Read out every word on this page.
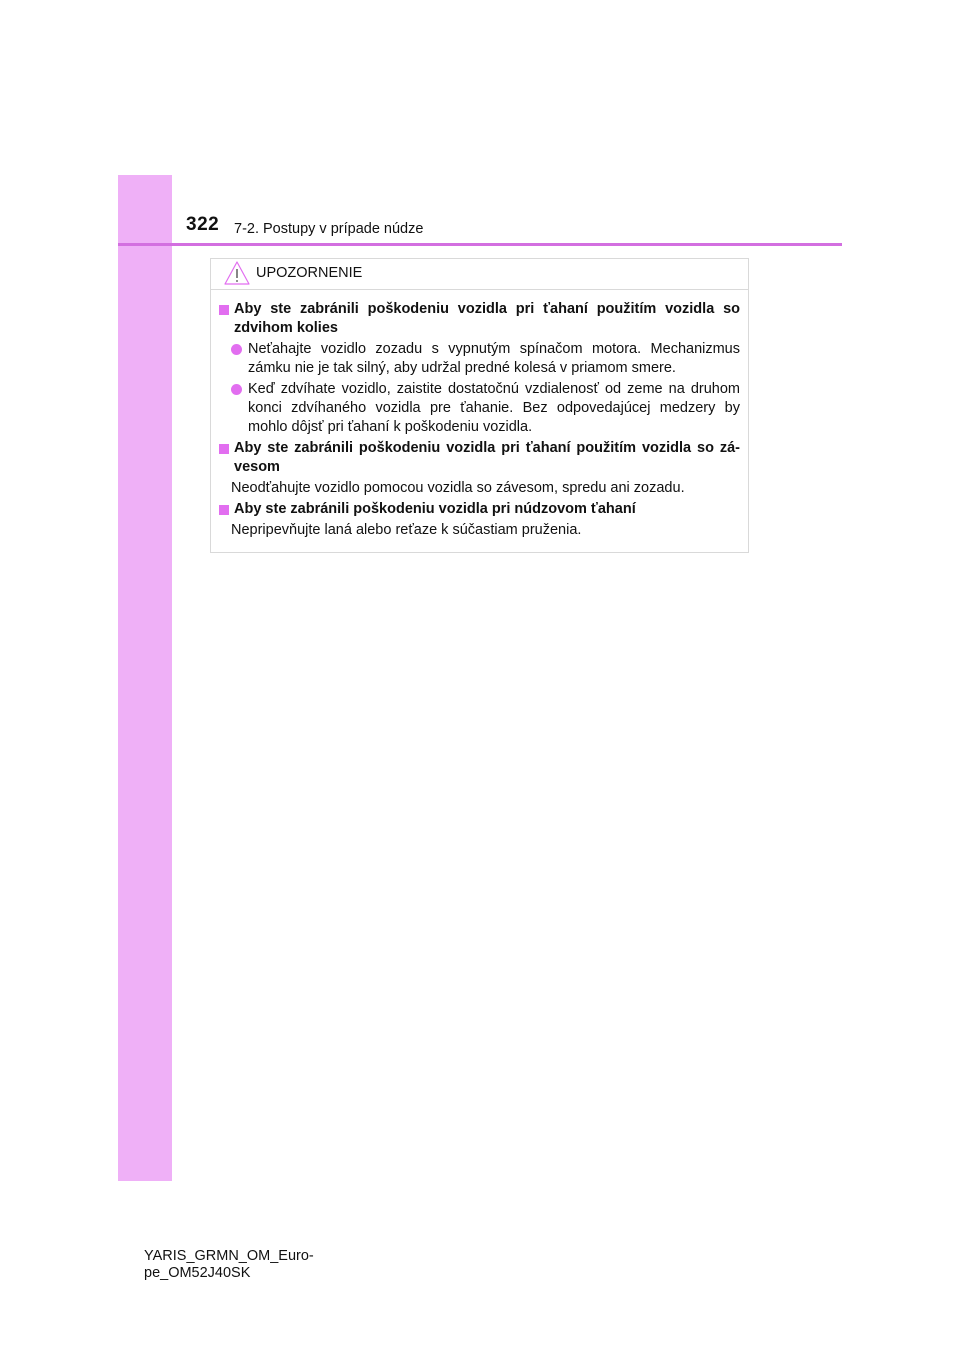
322 7-2. Postupy v prípade núdze
UPOZORNENIE
Aby ste zabránili poškodeniu vozidla pri ťahaní použitím vozidla so zdvihom kolies
Neťahajte vozidlo zozadu s vypnutým spínačom motora. Mechanizmus zámku nie je tak silný, aby udržal predné kolesá v priamom smere.
Keď zdvíhate vozidlo, zaistite dostatočnú vzdialenosť od zeme na druhom konci zdvíhaného vozidla pre ťahanie. Bez odpovedajúcej medzery by mohlo dôjsť pri ťahaní k poškodeniu vozidla.
Aby ste zabránili poškodeniu vozidla pri ťahaní použitím vozidla so zá-vesom
Neodťahujte vozidlo pomocou vozidla so závesom, spredu ani zozadu.
Aby ste zabránili poškodeniu vozidla pri núdzovom ťahaní
Nepripevňujte laná alebo reťaze k súčastiam pruženia.
YARIS_GRMN_OM_Euro-
pe_OM52J40SK
